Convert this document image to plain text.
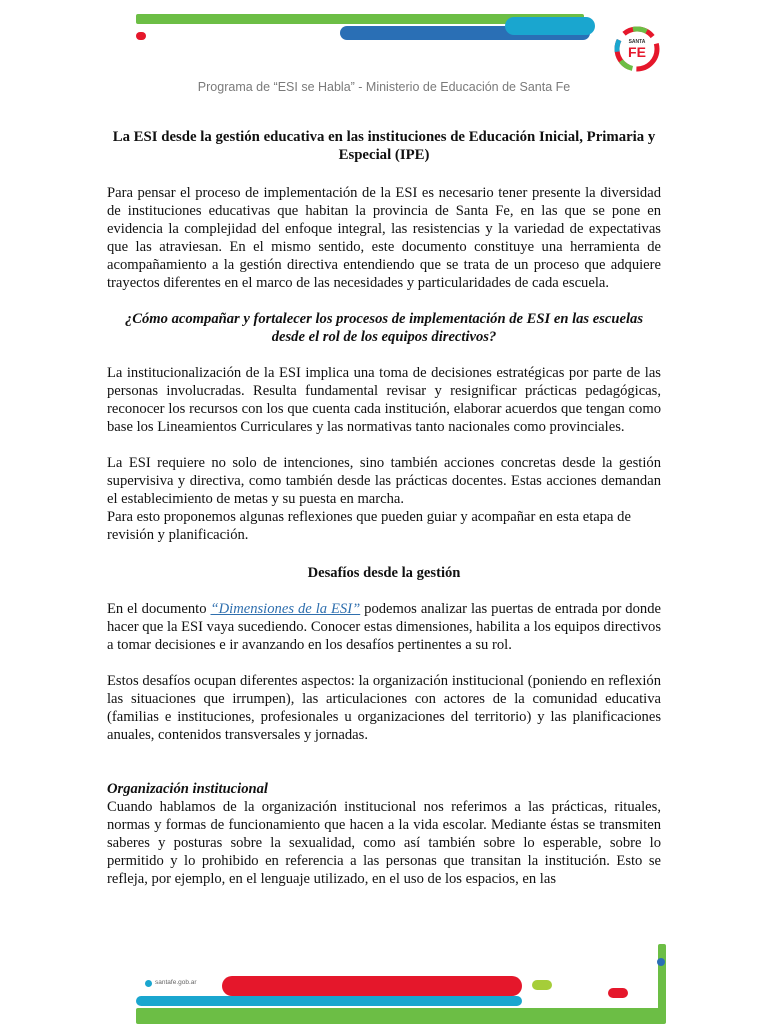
SANTA
FE
Programa de “ESI se Habla” - Ministerio de Educación de Santa Fe

La ESI desde la gestión educativa en las instituciones de Educación Inicial, Primaria y Especial (IPE)

Para pensar el proceso de implementación de la ESI es necesario tener presente la diversidad de instituciones educativas que habitan la provincia de Santa Fe, en las que se pone en evidencia la complejidad del enfoque integral, las resistencias y la variedad de expectativas que las atraviesan. En el mismo sentido, este documento constituye una herramienta de acompañamiento a la gestión directiva entendiendo que se trata de un proceso que adquiere trayectos diferentes en el marco de las necesidades y particularidades de cada escuela.

¿Cómo acompañar y fortalecer los procesos de implementación de ESI en las escuelas desde el rol de los equipos directivos?

La institucionalización de la ESI implica una toma de decisiones estratégicas por parte de las personas involucradas. Resulta fundamental revisar y resignificar prácticas pedagógicas, reconocer los recursos con los que cuenta cada institución, elaborar acuerdos que tengan como base los Lineamientos Curriculares y las normativas tanto nacionales como provinciales.

La ESI requiere no solo de intenciones, sino también acciones concretas desde la gestión supervisiva y directiva, como también desde las prácticas docentes. Estas acciones demandan el establecimiento de metas y su puesta en marcha.

Para esto proponemos algunas reflexiones que pueden guiar y acompañar en esta etapa de revisión y planificación.

Desafíos desde la gestión

En el documento “Dimensiones de la ESI” podemos analizar las puertas de entrada por donde hacer que la ESI vaya sucediendo. Conocer estas dimensiones, habilita a los equipos directivos a tomar decisiones e ir avanzando en los desafíos pertinentes a su rol.

Estos desafíos ocupan diferentes aspectos: la organización institucional (poniendo en reflexión las situaciones que irrumpen), las articulaciones con actores de la comunidad educativa (familias e instituciones, profesionales u organizaciones del territorio) y las planificaciones anuales, contenidos transversales y jornadas.

Organización institucional

Cuando hablamos de la organización institucional nos referimos a las prácticas, rituales, normas y formas de funcionamiento que hacen a la vida escolar. Mediante éstas se transmiten saberes y posturas sobre la sexualidad, como así también sobre lo esperable, sobre lo permitido y lo prohibido en referencia a las personas que transitan la institución. Esto se refleja, por ejemplo, en el lenguaje utilizado, en el uso de los espacios, en las

santafe.gob.ar
